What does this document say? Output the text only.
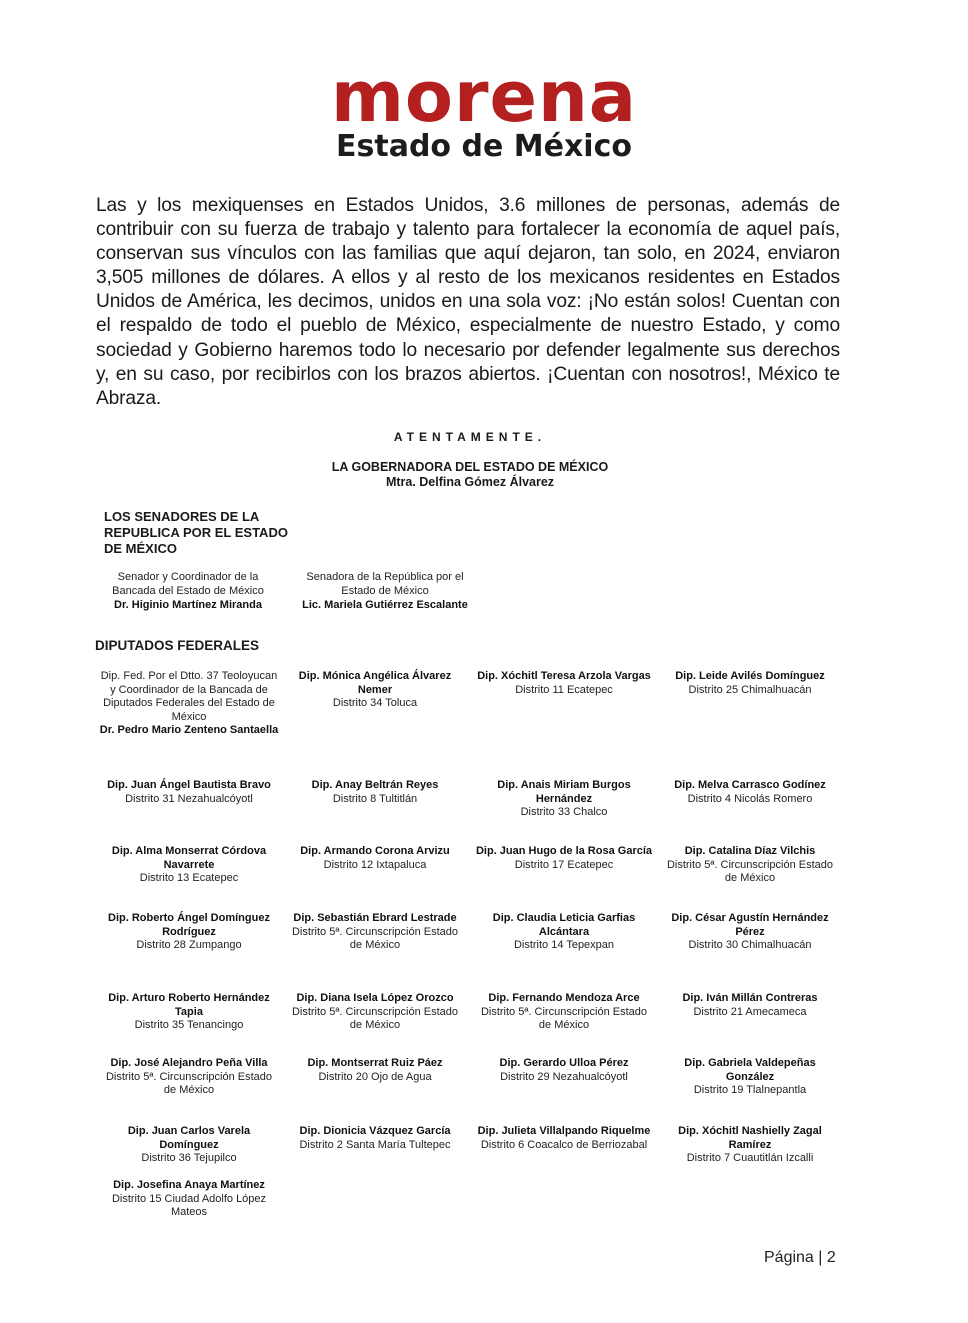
morena
Estado de México

Las y los mexiquenses en Estados Unidos, 3.6 millones de personas, además de contribuir con su fuerza de trabajo y talento para fortalecer la economía de aquel país, conservan sus vínculos con las familias que aquí dejaron, tan solo, en 2024, enviaron 3,505 millones de dólares. A ellos y al resto de los mexicanos residentes en Estados Unidos de América, les decimos, unidos en una sola voz: ¡No están solos! Cuentan con el respaldo de todo el pueblo de México, especialmente de nuestro Estado, y como sociedad y Gobierno haremos todo lo necesario por defender legalmente sus derechos y, en su caso, por recibirlos con los brazos abiertos. ¡Cuentan con nosotros!, México te Abraza.

ATENTAMENTE.
LA GOBERNADORA DEL ESTADO DE MÉXICO
Mtra. Delfina Gómez Álvarez
LOS SENADORES DE LA REPUBLICA POR EL ESTADO DE MÉXICO
Senador y Coordinador de la Bancada del Estado de México
Dr. Higinio Martínez Miranda
Senadora de la República por el Estado de México
Lic. Mariela Gutiérrez Escalante
DIPUTADOS FEDERALES
Dip. Fed. Por el Dtto. 37 Teoloyucan y Coordinador de la Bancada de Diputados Federales del Estado de México
Dr. Pedro Mario Zenteno Santaella
Dip. Mónica Angélica Álvarez Nemer
Distrito 34 Toluca
Dip. Xóchitl Teresa Arzola Vargas
Distrito 11 Ecatepec
Dip. Leide Avilés Domínguez
Distrito 25 Chimalhuacán
Dip. Juan Ángel Bautista Bravo
Distrito 31 Nezahualcóyotl
Dip. Anay Beltrán Reyes
Distrito 8 Tultitlán
Dip. Anais Miriam Burgos Hernández
Distrito 33 Chalco
Dip. Melva Carrasco Godínez
Distrito 4 Nicolás Romero
Dip. Alma Monserrat Córdova Navarrete
Distrito 13 Ecatepec
Dip. Armando Corona Arvizu
Distrito 12 Ixtapaluca
Dip. Juan Hugo de la Rosa García
Distrito 17 Ecatepec
Dip. Catalina Díaz Vilchis
Distrito 5ª. Circunscripción Estado de México
Dip. Roberto Ángel Domínguez Rodríguez
Distrito 28 Zumpango
Dip. Sebastián Ebrard Lestrade
Distrito 5ª. Circunscripción Estado de México
Dip. Claudia Leticia Garfias Alcántara
Distrito 14 Tepexpan
Dip. César Agustín Hernández Pérez
Distrito 30 Chimalhuacán
Dip. Arturo Roberto Hernández Tapia
Distrito 35 Tenancingo
Dip. Diana Isela López Orozco
Distrito 5ª. Circunscripción Estado de México
Dip. Fernando Mendoza Arce
Distrito 5ª. Circunscripción Estado de México
Dip. Iván Millán Contreras
Distrito 21 Amecameca
Dip. José Alejandro Peña Villa
Distrito 5ª. Circunscripción Estado de México
Dip. Montserrat Ruiz Páez
Distrito 20 Ojo de Agua
Dip. Gerardo Ulloa Pérez
Distrito 29 Nezahualcóyotl
Dip. Gabriela Valdepeñas González
Distrito 19 Tlalnepantla
Dip. Juan Carlos Varela Domínguez
Distrito 36 Tejupilco
Dip. Dionicia Vázquez García
Distrito 2 Santa María Tultepec
Dip. Julieta Villalpando Riquelme
Distrito 6 Coacalco de Berriozabal
Dip. Xóchitl Nashielly Zagal Ramírez
Distrito 7 Cuautitlán Izcalli
Dip. Josefina Anaya Martínez
Distrito 15 Ciudad Adolfo López Mateos
Página | 2
